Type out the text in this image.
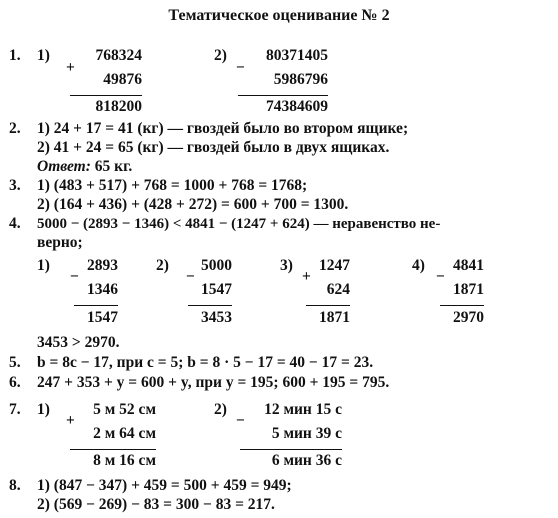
Тематическое оценивание № 2
1. 1)
+
768324
49876
818200
2)
−
80371405
5986796
74384609
2. 1) 24 + 17 = 41 (кг) — гвоздей было во втором ящике;
2) 41 + 24 = 65 (кг) — гвоздей было в двух ящиках.
Ответ: 65 кг.
3. 1) (483 + 517) + 768 = 1000 + 768 = 1768;
2) (164 + 436) + (428 + 272) = 600 + 700 = 1300.
4. 5000 − (2893 − 1346) < 4841 − (1247 + 624) — неравенство не-
верно;
1)
−
2893
1346
1547
2)
−
5000
1547
3453
3)
+
1247
624
1871
4)
−
4841
1871
2970
3453 > 2970.
5. b = 8c − 17, при c = 5; b = 8 · 5 − 17 = 40 − 17 = 23.
6. 247 + 353 + y = 600 + y, при y = 195; 600 + 195 = 795.
7. 1)
+
5 м 52 см
2 м 64 см
8 м 16 см
2)
−
12 мин 15 с
5 мин 39 с
6 мин 36 с
8. 1) (847 − 347) + 459 = 500 + 459 = 949;
2) (569 − 269) − 83 = 300 − 83 = 217.
